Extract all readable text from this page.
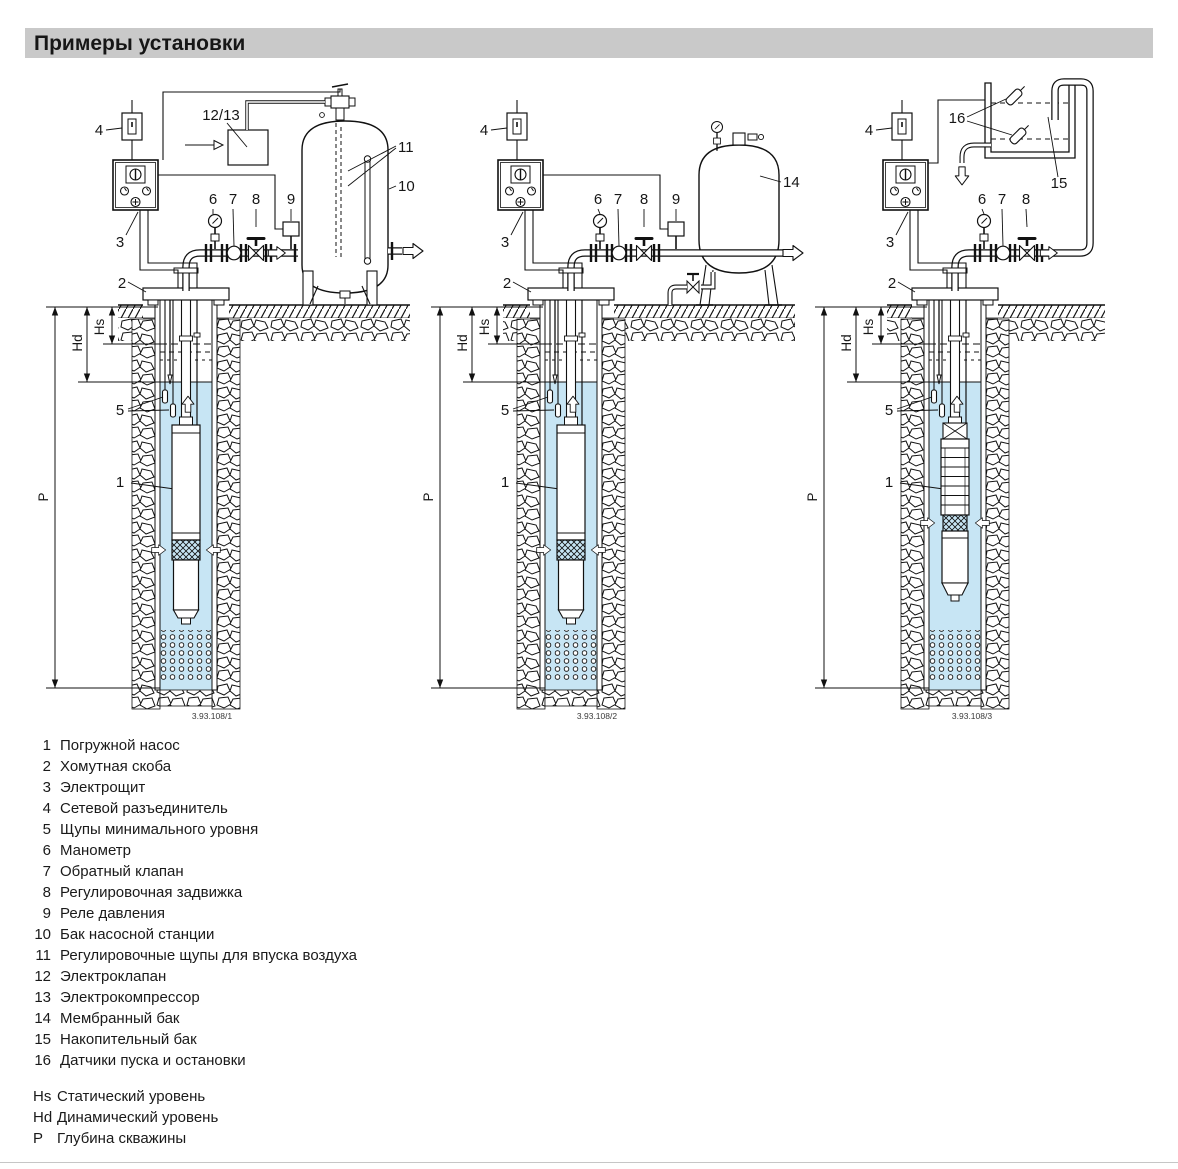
Примеры установки
4
3
12/13
2
6 7 8 9
10
11
1
5
Hs
Hd
P
3.93.108/1
4
3
2
6 7 8 9
14
1
5
Hs
Hd
P
3.93.108/2
4
3
2
6 7 8
15
16
1
5
Hs
Hd
P
3.93.108/3
1 Погружной насос
2 Хомутная скоба
3 Электрощит
4 Сетевой разъединитель
5 Щупы минимального уровня
6 Манометр
7 Обратный клапан
8 Регулировочная задвижка
9 Реле давления
10 Бак насосной станции
11 Регулировочные щупы для впуска воздуха
12 Электроклапан
13 Электрокомпрессор
14 Мембранный бак
15 Накопительный бак
16 Датчики пуска и остановки
Hs Статический уровень
Hd Динамический уровень
P Глубина скважины
